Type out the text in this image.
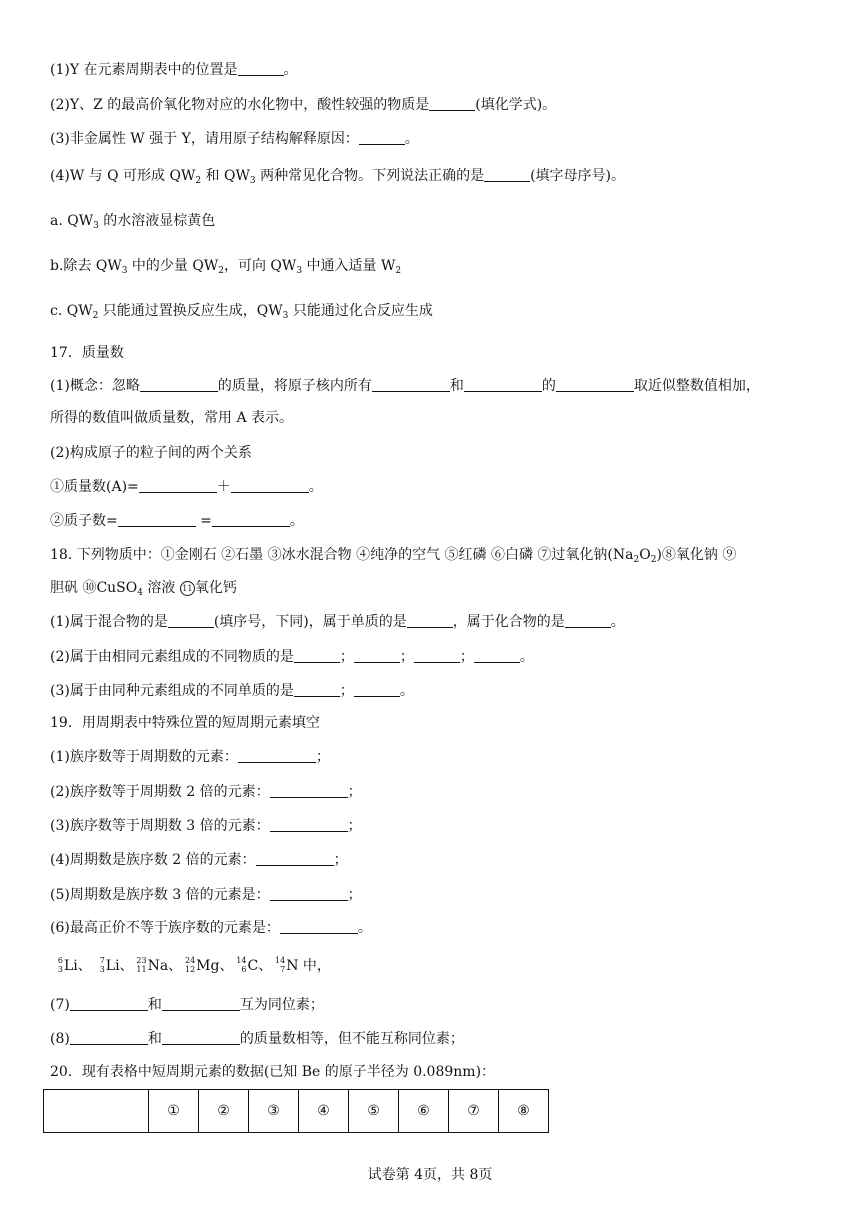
(1)Y 在元素周期表中的位置是	。
(2)Y、Z 的最高价氧化物对应的水化物中，酸性较强的物质是	(填化学式)。
(3)非金属性 W 强于 Y，请用原子结构解释原因：	。
(4)W 与 Q 可形成 $QW_2$ 和 $QW_3$ 两种常见化合物。下列说法正确的是	(填字母序号)。
a. $QW_3$ 的水溶液显棕黄色
b.除去 $QW_3$ 中的少量 $QW_2$，可向 $QW_3$ 中通入适量 $W_2$
c. $QW_2$ 只能通过置换反应生成，$QW_3$ 只能通过化合反应生成
17．质量数
(1)概念：忽略	的质量，将原子核内所有	和	的	取近似整数值相加，
所得的数值叫做质量数，常用 A 表示。
(2)构成原子的粒子间的两个关系
①质量数(A)=	＋	。
②质子数=	=	。
18. 下列物质中：①金刚石 ②石墨 ③冰水混合物 ④纯净的空气 ⑤红磷 ⑥白磷 ⑦过氧化钠$(Na_2O_2)⑧$氧化钠 ⑨
胆矾 ⑩CuSO$_4$ 溶液 11 氧化钙
(1)属于混合物的是	(填序号，下同)，属于单质的是	，属于化合物的是	。
(2)属于由相同元素组成的不同物质的是	；	；	；	。
(3)属于由同种元素组成的不同单质的是	；	。
19．用周期表中特殊位置的短周期元素填空
(1)族序数等于周期数的元素：	；
(2)族序数等于周期数 2 倍的元素：	；
(3)族序数等于周期数 3 倍的元素：	；
(4)周期数是族序数 2 倍的元素：	；
(5)周期数是族序数 3 倍的元素是：	；
(6)最高正价不等于族序数的元素是：	。
6
3 Li、 7
3 Li、 23
11 Na、 24
12 Mg、 14
6 C、 14
7 N 中，
(7)	和	互为同位素；
(8)	和	的质量数相等，但不能互称同位素；
20．现有表格中短周期元素的数据(已知 Be 的原子半径为 0.089nm)：
	①	②	③	④	⑤	⑥	⑦	⑧
试卷第 4页，共 8页
